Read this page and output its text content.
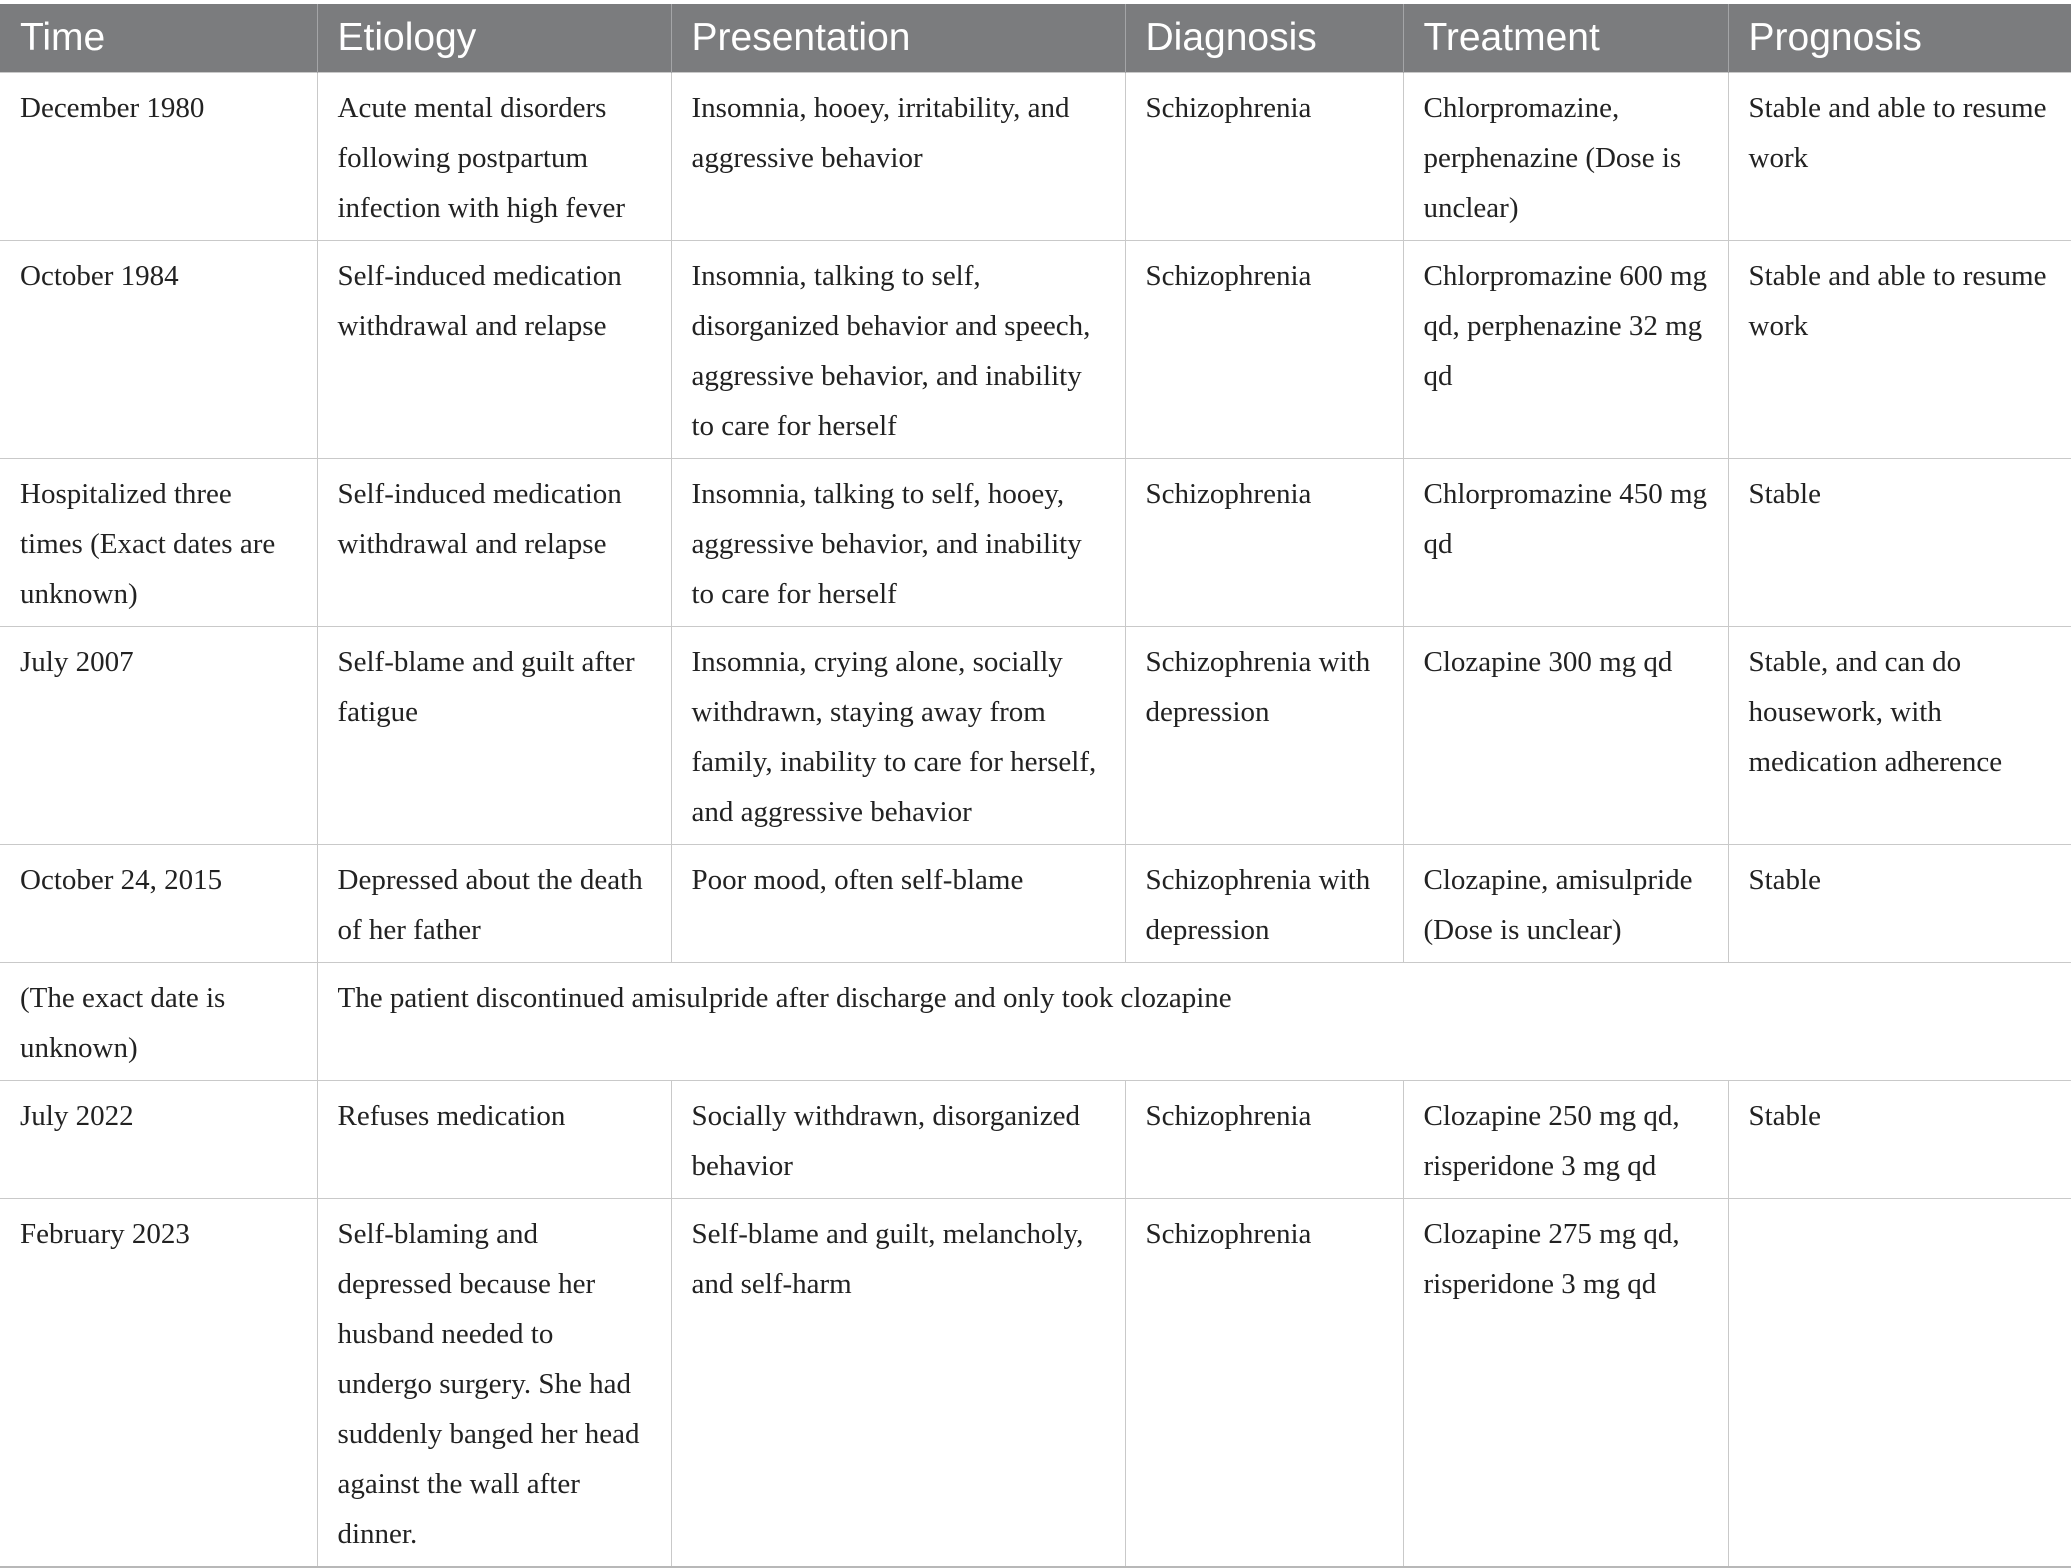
Time	Etiology	Presentation	Diagnosis	Treatment	Prognosis
December 1980	Acute mental disorders following postpartum infection with high fever	Insomnia, hooey, irritability, and aggressive behavior	Schizophrenia	Chlorpromazine, perphenazine (Dose is unclear)	Stable and able to resume work
October 1984	Self-induced medication withdrawal and relapse	Insomnia, talking to self, disorganized behavior and speech, aggressive behavior, and inability to care for herself	Schizophrenia	Chlorpromazine 600 mg qd, perphenazine 32 mg qd	Stable and able to resume work
Hospitalized three times (Exact dates are unknown)	Self-induced medication withdrawal and relapse	Insomnia, talking to self, hooey, aggressive behavior, and inability to care for herself	Schizophrenia	Chlorpromazine 450 mg qd	Stable
July 2007	Self-blame and guilt after fatigue	Insomnia, crying alone, socially withdrawn, staying away from family, inability to care for herself, and aggressive behavior	Schizophrenia with depression	Clozapine 300 mg qd	Stable, and can do housework, with medication adherence
October 24, 2015	Depressed about the death of her father	Poor mood, often self-blame	Schizophrenia with depression	Clozapine, amisulpride (Dose is unclear)	Stable
(The exact date is unknown)	The patient discontinued amisulpride after discharge and only took clozapine				
July 2022	Refuses medication	Socially withdrawn, disorganized behavior	Schizophrenia	Clozapine 250 mg qd, risperidone 3 mg qd	Stable
February 2023	Self-blaming and depressed because her husband needed to undergo surgery. She had suddenly banged her head against the wall after dinner.	Self-blame and guilt, melancholy, and self-harm	Schizophrenia	Clozapine 275 mg qd, risperidone 3 mg qd	
